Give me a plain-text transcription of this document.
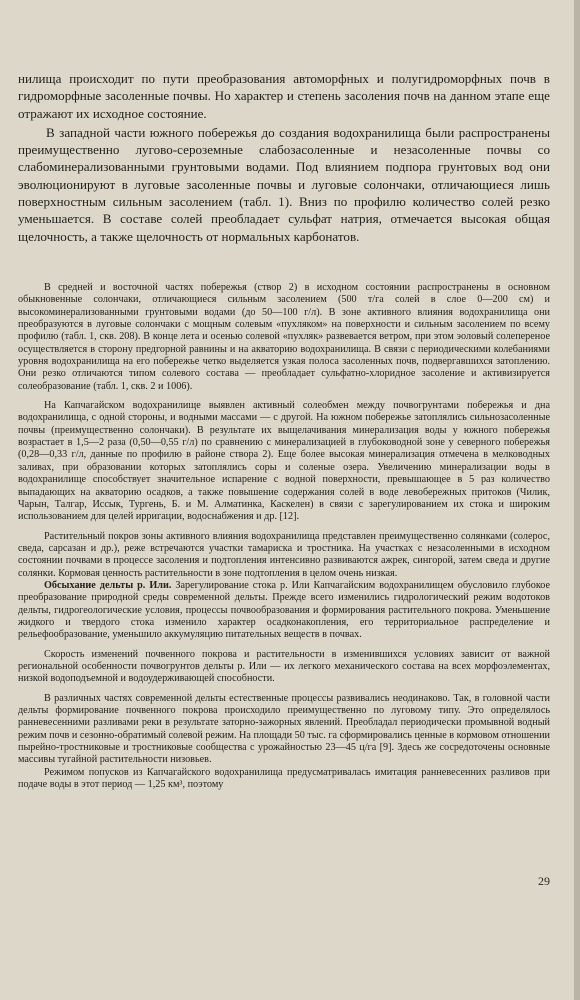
нилища происходит по пути преобразования автоморфных и полугидроморфных почв в гидроморфные засоленные почвы. Но характер и степень засоления почв на данном этапе еще отражают их исходное состояние.

В западной части южного побережья до создания водохранилища были распространены преимущественно лугово-сероземные слабозасоленные и незасоленные почвы со слабоминерализованными грунтовыми водами. Под влиянием подпора грунтовых вод они эволюционируют в луговые засоленные почвы и луговые солончаки, отличающиеся лишь поверхностным сильным засолением (табл. 1). Вниз по профилю количество солей резко уменьшается. В составе солей преобладает сульфат натрия, отмечается высокая общая щелочность, а также щелочность от нормальных карбонатов.

В средней и восточной частях побережья (створ 2) в исходном состоянии распространены в основном обыкновенные солончаки, отличающиеся сильным засолением (500 т/га солей в слое 0—200 см) и высокоминерализованными грунтовыми водами (до 50—100 г/л). В зоне активного влияния водохранилища они преобразуются в луговые солончаки с мощным солевым «пухляком» на поверхности и сильным засолением по всему профилю (табл. 1, скв. 208). В конце лета и осенью солевой «пухляк» развевается ветром, при этом эоловый солепереное осуществляется в сторону предгорной равнины и на акваторию водохранилища. В связи с периодическими колебаниями уровня водохранилища на его побережье четко выделяется узкая полоса засоленных почв, подвергавшихся затоплению. Они резко отличаются типом солевого состава — преобладает сульфатно-хлоридное засоление и активизируется солеобразование (табл. 1, скв. 2 и 1006).

На Капчагайском водохранилище выявлен активный солеобмен между почвогрунтами побережья и дна водохранилища, с одной стороны, и водными массами — с другой. На южном побережье затоплялись сильнозасоленные почвы (преимущественно солончаки). В результате их выщелачивания минерализация воды у южного побережья возрастает в 1,5—2 раза (0,50—0,55 г/л) по сравнению с минерализацией в глубоководной зоне у северного побережья (0,28—0,33 г/л, данные по профилю в районе створа 2). Еще более высокая минерализация отмечена в мелководных заливах, при образовании которых затоплялись соры и соленые озера. Увеличению минерализации воды в водохранилище способствует значительное испарение с водной поверхности, превышающее в 5 раз количество выпадающих на акваторию осадков, а также повышение содержания солей в воде левобережных притоков (Чилик, Чарын, Талгар, Иссык, Тургень, Б. и М. Алматинка, Каскелен) в связи с зарегулированием их стока и широким использованием для целей ирригации, водоснабжения и др. [12].

Растительный покров зоны активного влияния водохранилища представлен преимущественно солянками (солерос, сведа, сарсазан и др.), реже встречаются участки тамариска и тростника. На участках с незасоленными в исходном состоянии почвами в процессе засоления и подтопления интенсивно развиваются ажрек, сингорой, затем сведа и другие солянки. Кормовая ценность растительности в зоне подтопления в целом очень низкая.

Обсыхание дельты р. Или. Зарегулирование стока р. Или Капчагайским водохранилищем обусловило глубокое преобразование природной среды современной дельты. Прежде всего изменились гидрологический режим водотоков дельты, гидрогеологические условия, процессы почвообразования и формирования растительного покрова. Уменьшение жидкого и твердого стока изменило характер осадконакопления, его территориальное распределение и рельефообразование, уменьшило аккумуляцию питательных веществ в почвах.

Скорость изменений почвенного покрова и растительности в изменившихся условиях зависит от важной региональной особенности почвогрунтов дельты р. Или — их легкого механического состава на всех морфоэлементах, низкой водоподъемной и водоудерживающей способности.

В различных частях современной дельты естественные процессы развивались неодинаково. Так, в головной части дельты формирование почвенного покрова происходило преимущественно по луговому типу. Это определялось ранневесенними разливами реки в результате заторно-зажорных явлений. Преобладал периодически промывной водный режим почв и сезонно-обратимый солевой режим. На площади 50 тыс. га сформировались ценные в кормовом отношении пырейно-тростниковые и тростниковые сообщества с урожайностью 23—45 ц/га [9]. Здесь же сосредоточены основные массивы тугайной растительности низовьев.

Режимом попусков из Капчагайского водохранилища предусматривалась имитация ранневесенних разливов при подаче воды в этот период — 1,25 км³, поэтому

29
